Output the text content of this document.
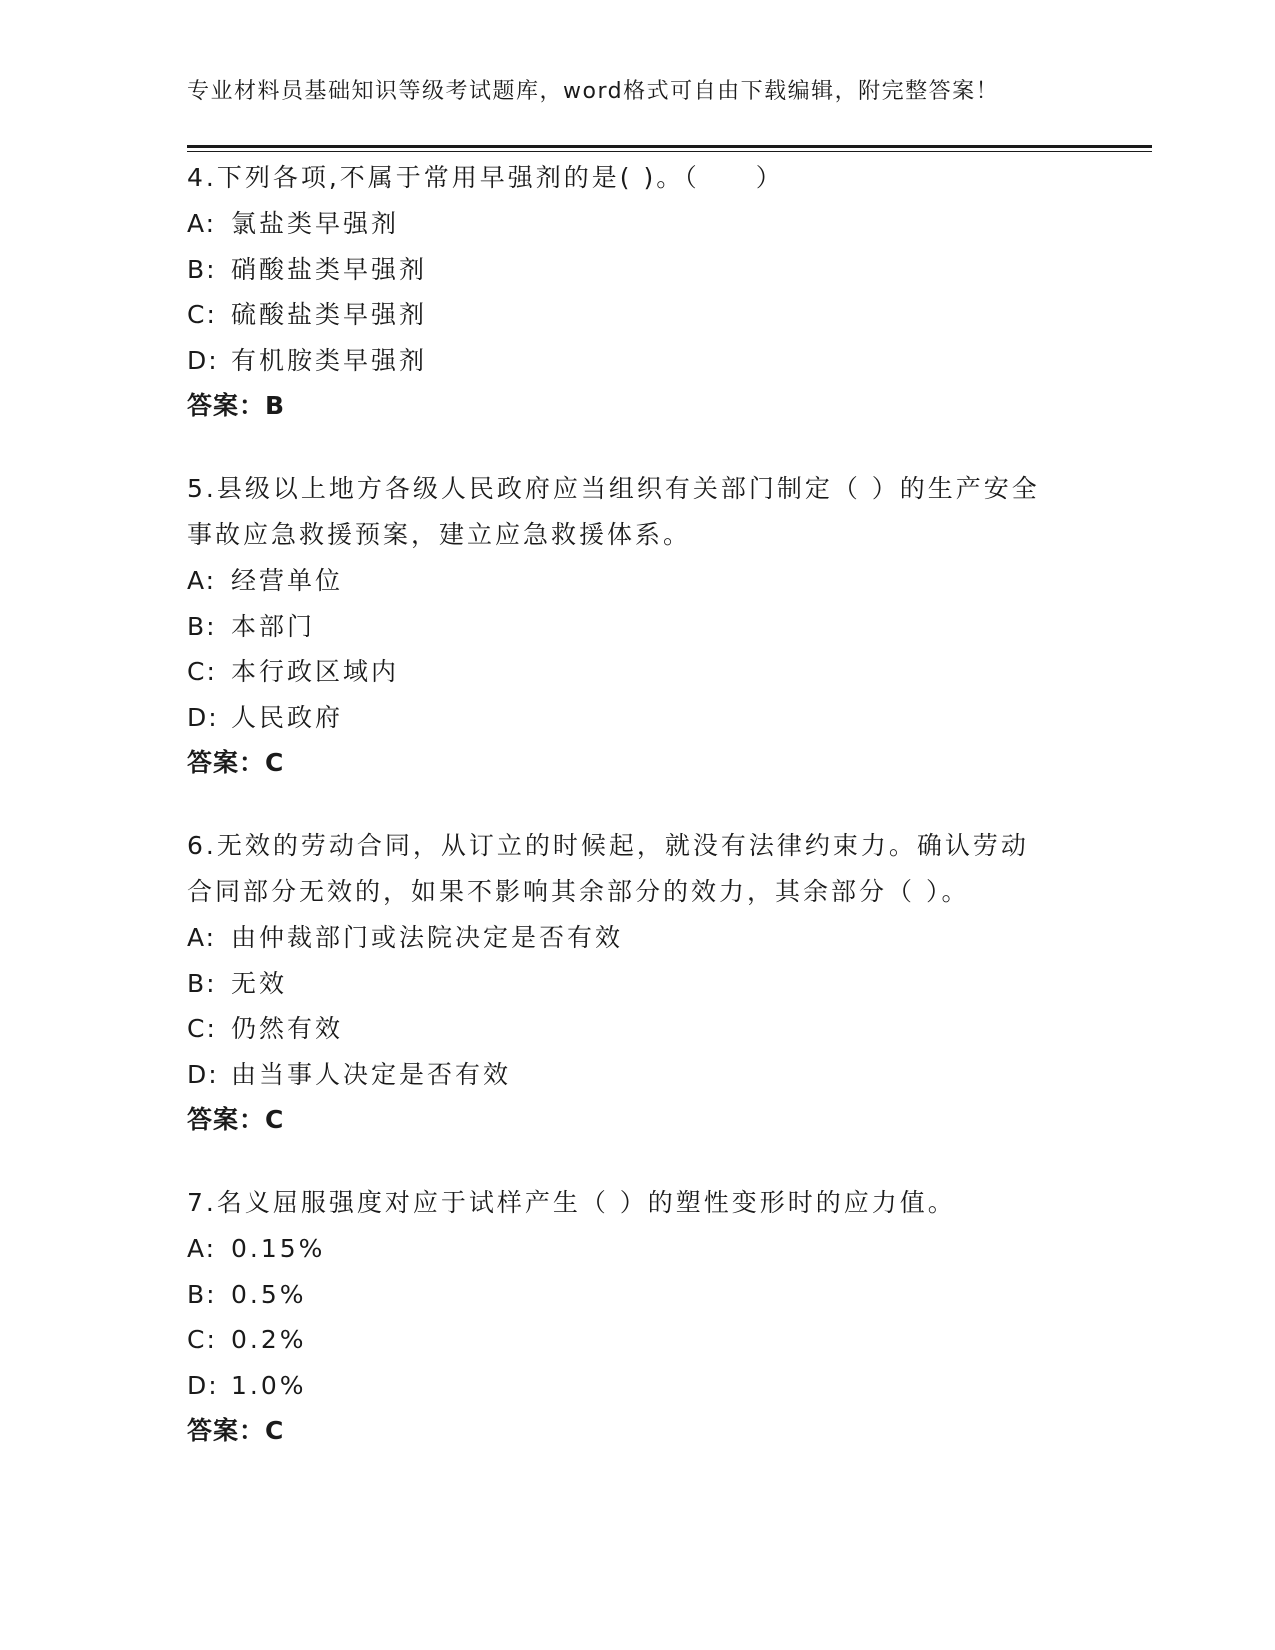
专业材料员基础知识等级考试题库，word格式可自由下载编辑，附完整答案！
4.下列各项,不属于常用早强剂的是( )。（　　）
A: 氯盐类早强剂
B: 硝酸盐类早强剂
C: 硫酸盐类早强剂
D: 有机胺类早强剂
答案：B
5.县级以上地方各级人民政府应当组织有关部门制定（ ）的生产安全
事故应急救援预案，建立应急救援体系。
A: 经营单位
B: 本部门
C: 本行政区域内
D: 人民政府
答案：C
6.无效的劳动合同，从订立的时候起，就没有法律约束力。确认劳动
合同部分无效的，如果不影响其余部分的效力，其余部分（ ）。
A: 由仲裁部门或法院决定是否有效
B: 无效
C: 仍然有效
D: 由当事人决定是否有效
答案：C
7.名义屈服强度对应于试样产生（ ）的塑性变形时的应力值。
A: 0.15%
B: 0.5%
C: 0.2%
D: 1.0%
答案：C
